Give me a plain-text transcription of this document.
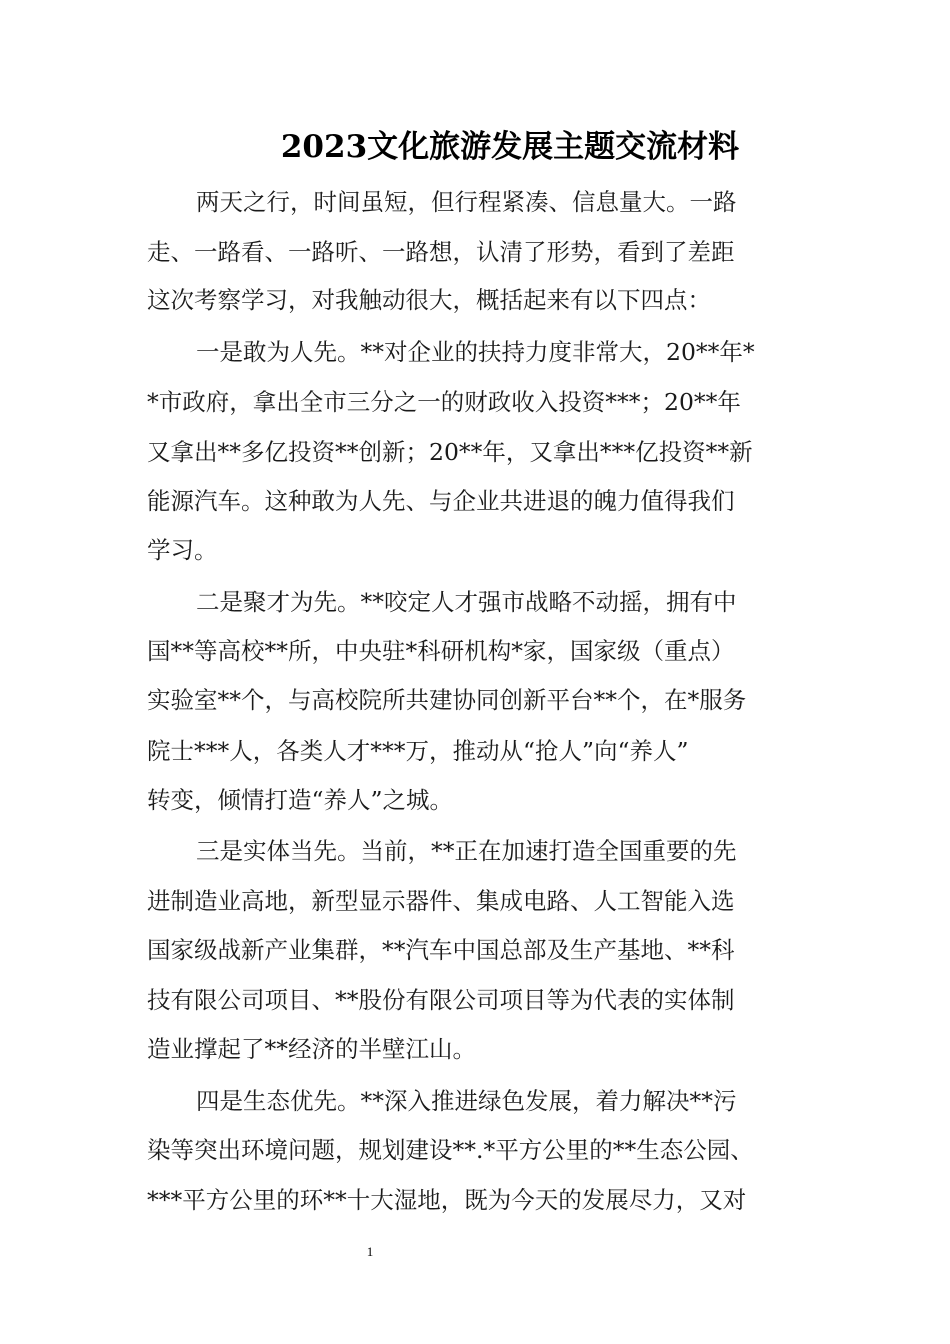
2023文化旅游发展主题交流材料
两天之行，时间虽短，但行程紧凑、信息量大。一路
走、一路看、一路听、一路想，认清了形势，看到了差距
这次考察学习，对我触动很大，概括起来有以下四点：
一是敢为人先。**对企业的扶持力度非常大，20**年*
*市政府，拿出全市三分之一的财政收入投资***；20**年
又拿出**多亿投资**创新；20**年，又拿出***亿投资**新
能源汽车。这种敢为人先、与企业共进退的魄力值得我们
学习。
二是聚才为先。**咬定人才强市战略不动摇，拥有中
国**等高校**所，中央驻*科研机构*家，国家级（重点）
实验室**个，与高校院所共建协同创新平台**个，在*服务
院士***人，各类人才***万，推动从“抢人”向“养人”
转变，倾情打造“养人”之城。
三是实体当先。当前，**正在加速打造全国重要的先
进制造业高地，新型显示器件、集成电路、人工智能入选
国家级战新产业集群，**汽车中国总部及生产基地、**科
技有限公司项目、**股份有限公司项目等为代表的实体制
造业撑起了**经济的半壁江山。
四是生态优先。**深入推进绿色发展，着力解决**污
染等突出环境问题，规划建设**.*平方公里的**生态公园、
***平方公里的环**十大湿地，既为今天的发展尽力，又对
1
